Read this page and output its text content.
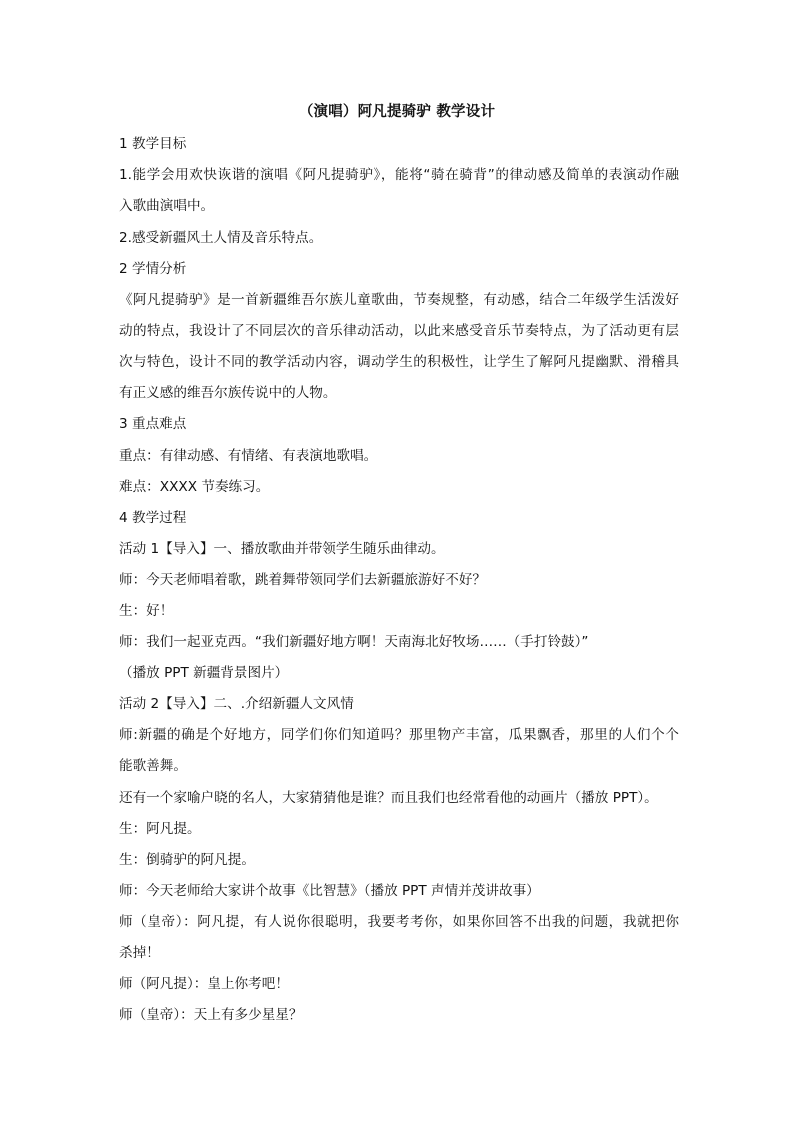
（演唱）阿凡提骑驴 教学设计
1 教学目标
1.能学会用欢快诙谐的演唱《阿凡提骑驴》，能将“骑在骑背”的律动感及简单的表演动作融
入歌曲演唱中。
2.感受新疆风土人情及音乐特点。
2 学情分析
《阿凡提骑驴》是一首新疆维吾尔族儿童歌曲，节奏规整，有动感，结合二年级学生活泼好
动的特点，我设计了不同层次的音乐律动活动，以此来感受音乐节奏特点，为了活动更有层
次与特色，设计不同的教学活动内容，调动学生的积极性，让学生了解阿凡提幽默、滑稽具
有正义感的维吾尔族传说中的人物。
3 重点难点
重点：有律动感、有情绪、有表演地歌唱。
难点：XXXX 节奏练习。
4 教学过程
活动 1【导入】一、播放歌曲并带领学生随乐曲律动。
师：今天老师唱着歌，跳着舞带领同学们去新疆旅游好不好？
生：好！
师：我们一起亚克西。“我们新疆好地方啊！天南海北好牧场……（手打铃鼓）”
（播放 PPT 新疆背景图片）
活动 2【导入】二、.介绍新疆人文风情
师:新疆的确是个好地方，同学们你们知道吗？那里物产丰富，瓜果飘香，那里的人们个个
能歌善舞。
还有一个家喻户晓的名人，大家猜猜他是谁？而且我们也经常看他的动画片（播放 PPT）。
生：阿凡提。
生：倒骑驴的阿凡提。
师：今天老师给大家讲个故事《比智慧》（播放 PPT 声情并茂讲故事）
师（皇帝）：阿凡提，有人说你很聪明，我要考考你，如果你回答不出我的问题，我就把你
杀掉！
师（阿凡提）：皇上你考吧！
师（皇帝）：天上有多少星星？
